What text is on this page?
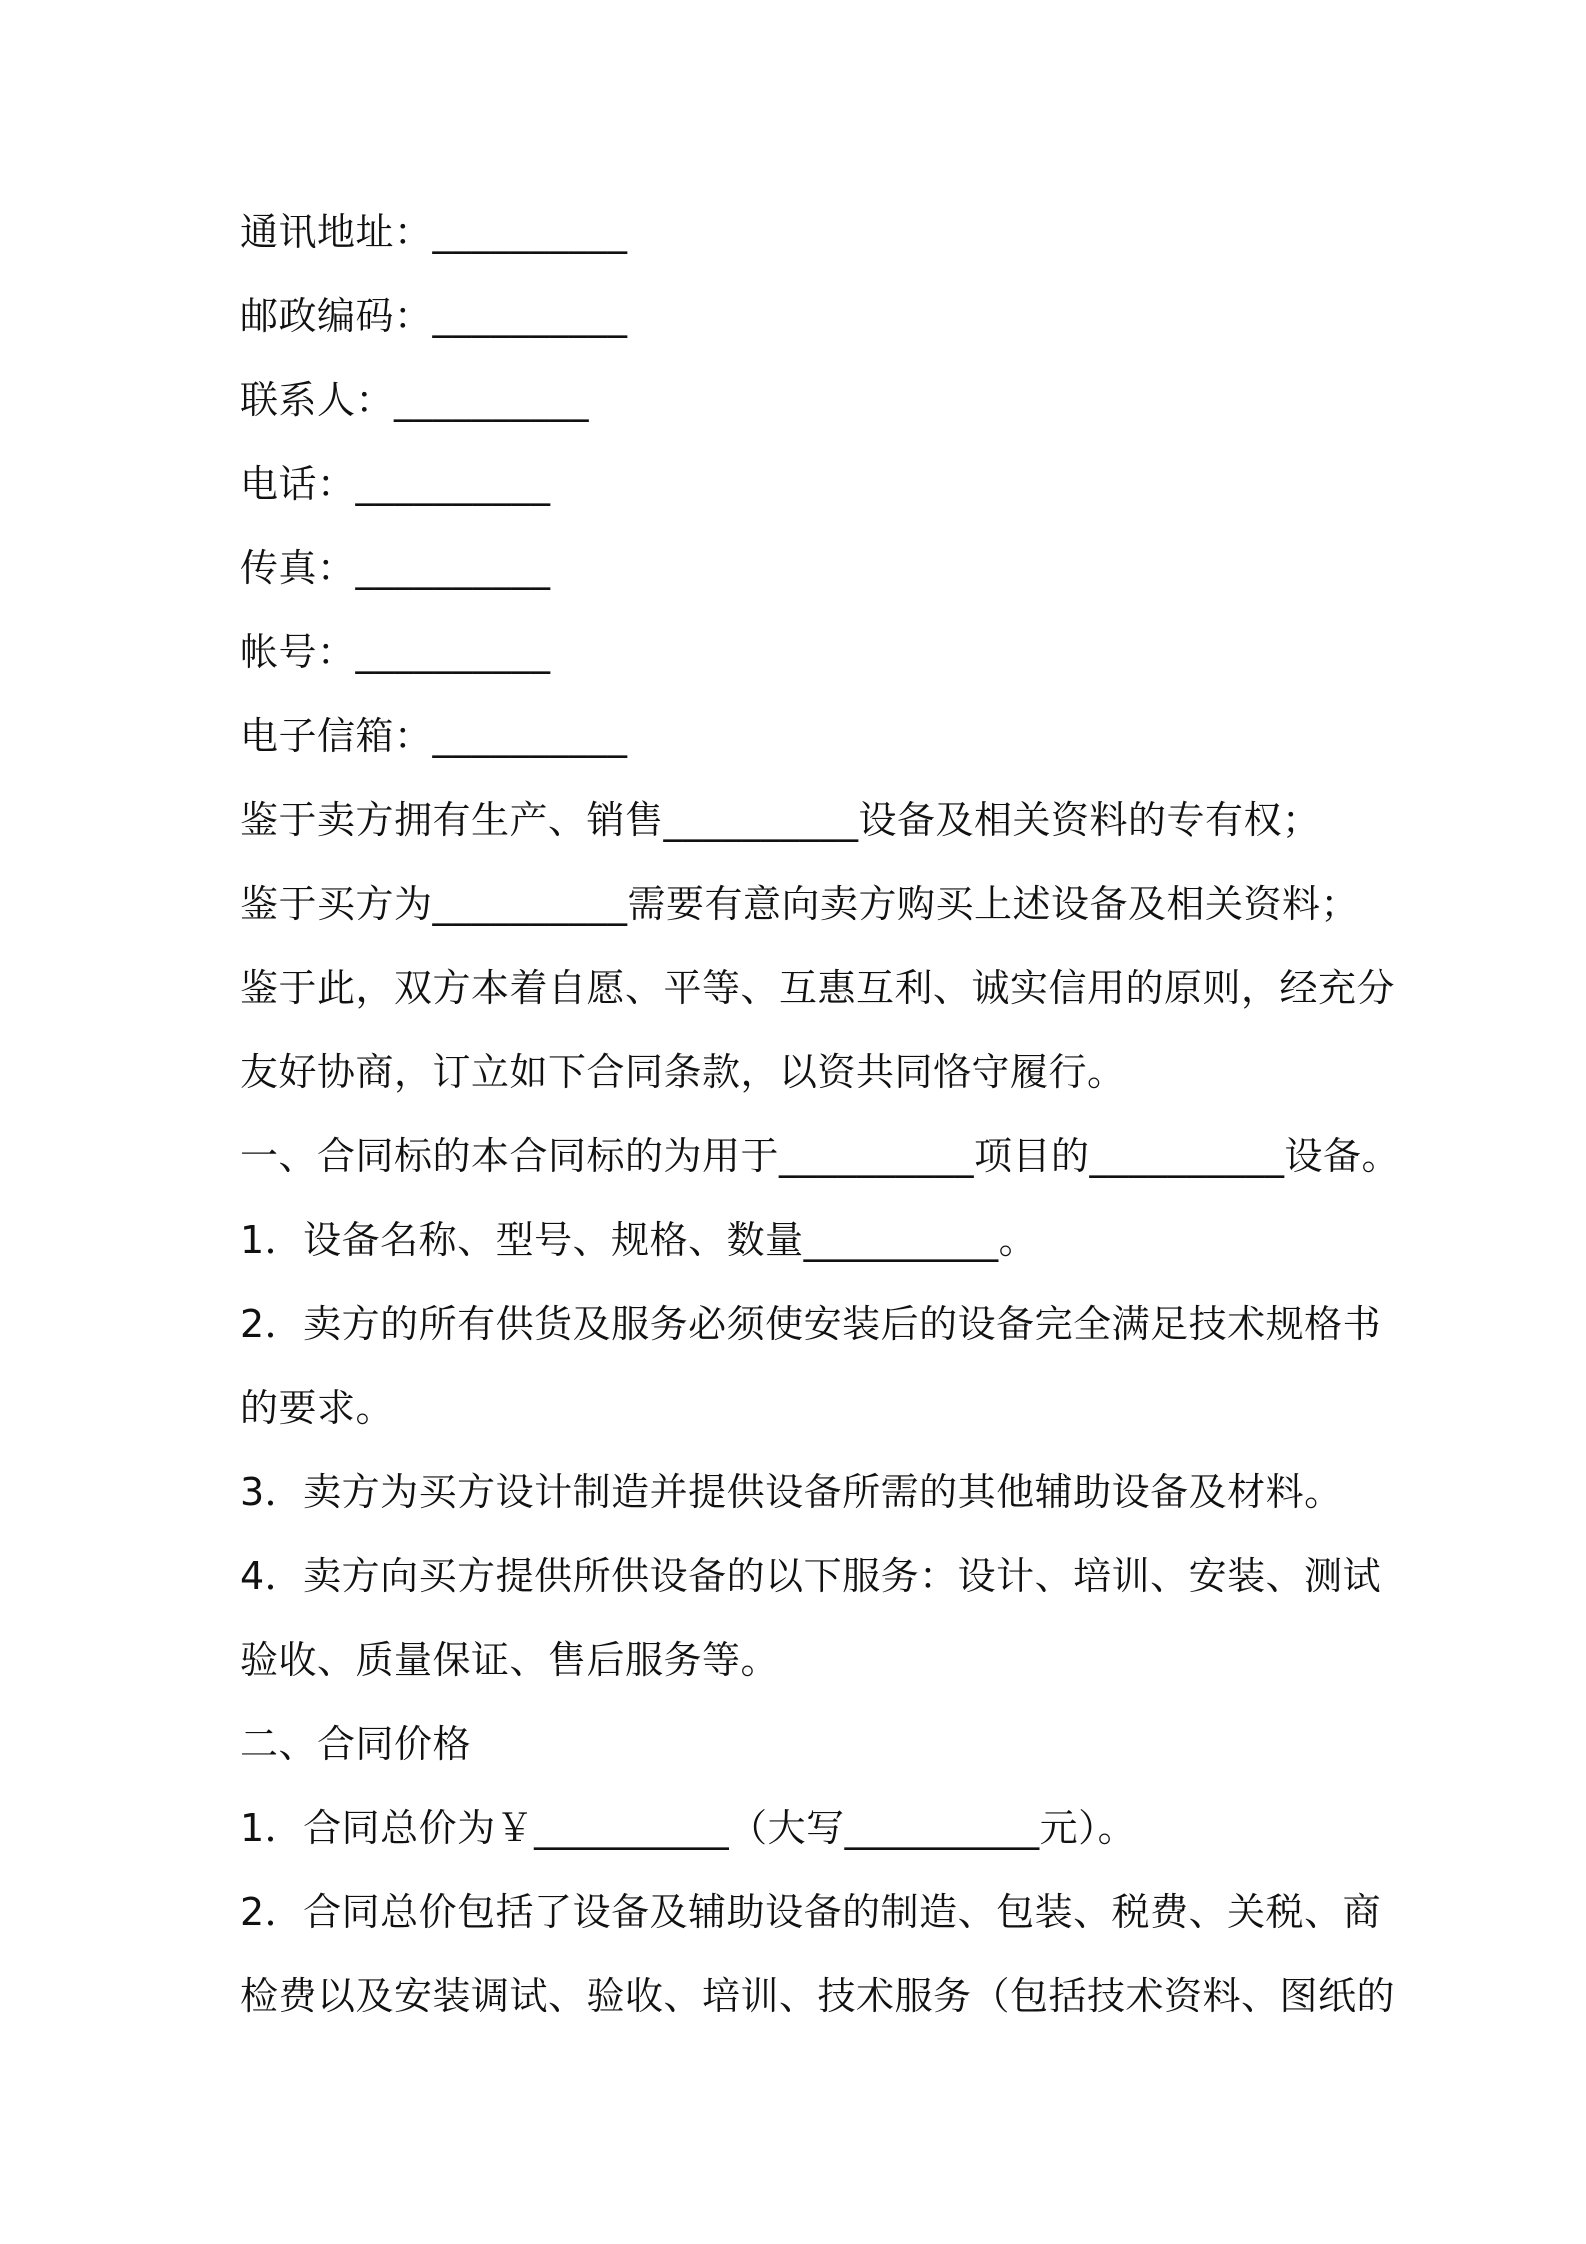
通讯地址：__________
邮政编码：__________
联系人：__________
电话：__________
传真：__________
帐号：__________
电子信箱：__________
鉴于卖方拥有生产、销售__________设备及相关资料的专有权；
鉴于买方为__________需要有意向卖方购买上述设备及相关资料；
鉴于此，双方本着自愿、平等、互惠互利、诚实信用的原则，经充分
友好协商，订立如下合同条款，以资共同恪守履行。
一、合同标的本合同标的为用于__________项目的__________设备。
1．设备名称、型号、规格、数量__________。
2．卖方的所有供货及服务必须使安装后的设备完全满足技术规格书
的要求。
3．卖方为买方设计制造并提供设备所需的其他辅助设备及材料。
4．卖方向买方提供所供设备的以下服务：设计、培训、安装、测试
验收、质量保证、售后服务等。
二、合同价格
1．合同总价为￥__________（大写__________元）。
2．合同总价包括了设备及辅助设备的制造、包装、税费、关税、商
检费以及安装调试、验收、培训、技术服务（包括技术资料、图纸的
